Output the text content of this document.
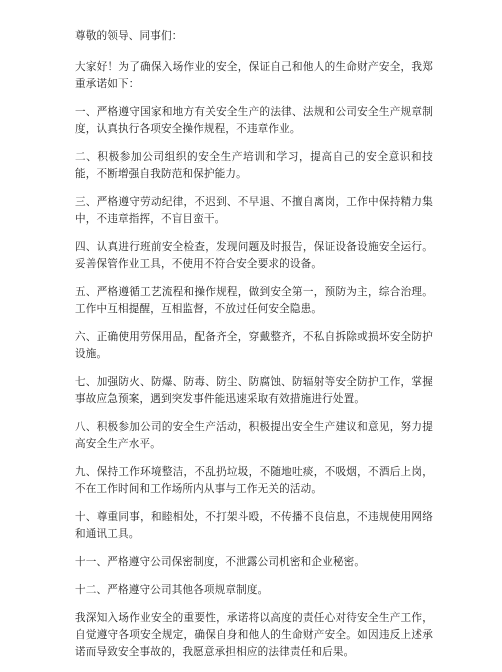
尊敬的领导、同事们：

大家好！为了确保入场作业的安全，保证自己和他人的生命财产安全，我郑重承诺如下：

一、严格遵守国家和地方有关安全生产的法律、法规和公司安全生产规章制度，认真执行各项安全操作规程，不违章作业。

二、积极参加公司组织的安全生产培训和学习，提高自己的安全意识和技能，不断增强自我防范和保护能力。

三、严格遵守劳动纪律，不迟到、不早退、不擅自离岗，工作中保持精力集中，不违章指挥，不盲目蛮干。

四、认真进行班前安全检查，发现问题及时报告，保证设备设施安全运行。妥善保管作业工具，不使用不符合安全要求的设备。

五、严格遵循工艺流程和操作规程，做到安全第一，预防为主，综合治理。工作中互相提醒，互相监督，不放过任何安全隐患。

六、正确使用劳保用品，配备齐全，穿戴整齐，不私自拆除或损坏安全防护设施。

七、加强防火、防爆、防毒、防尘、防腐蚀、防辐射等安全防护工作，掌握事故应急预案，遇到突发事件能迅速采取有效措施进行处置。

八、积极参加公司的安全生产活动，积极提出安全生产建议和意见，努力提高安全生产水平。

九、保持工作环境整洁，不乱扔垃圾，不随地吐痰，不吸烟，不酒后上岗，不在工作时间和工作场所内从事与工作无关的活动。

十、尊重同事，和睦相处，不打架斗殴，不传播不良信息，不违规使用网络和通讯工具。

十一、严格遵守公司保密制度，不泄露公司机密和企业秘密。

十二、严格遵守公司其他各项规章制度。

我深知入场作业安全的重要性，承诺将以高度的责任心对待安全生产工作，自觉遵守各项安全规定，确保自身和他人的生命财产安全。如因违反上述承诺而导致安全事故的，我愿意承担相应的法律责任和后果。
